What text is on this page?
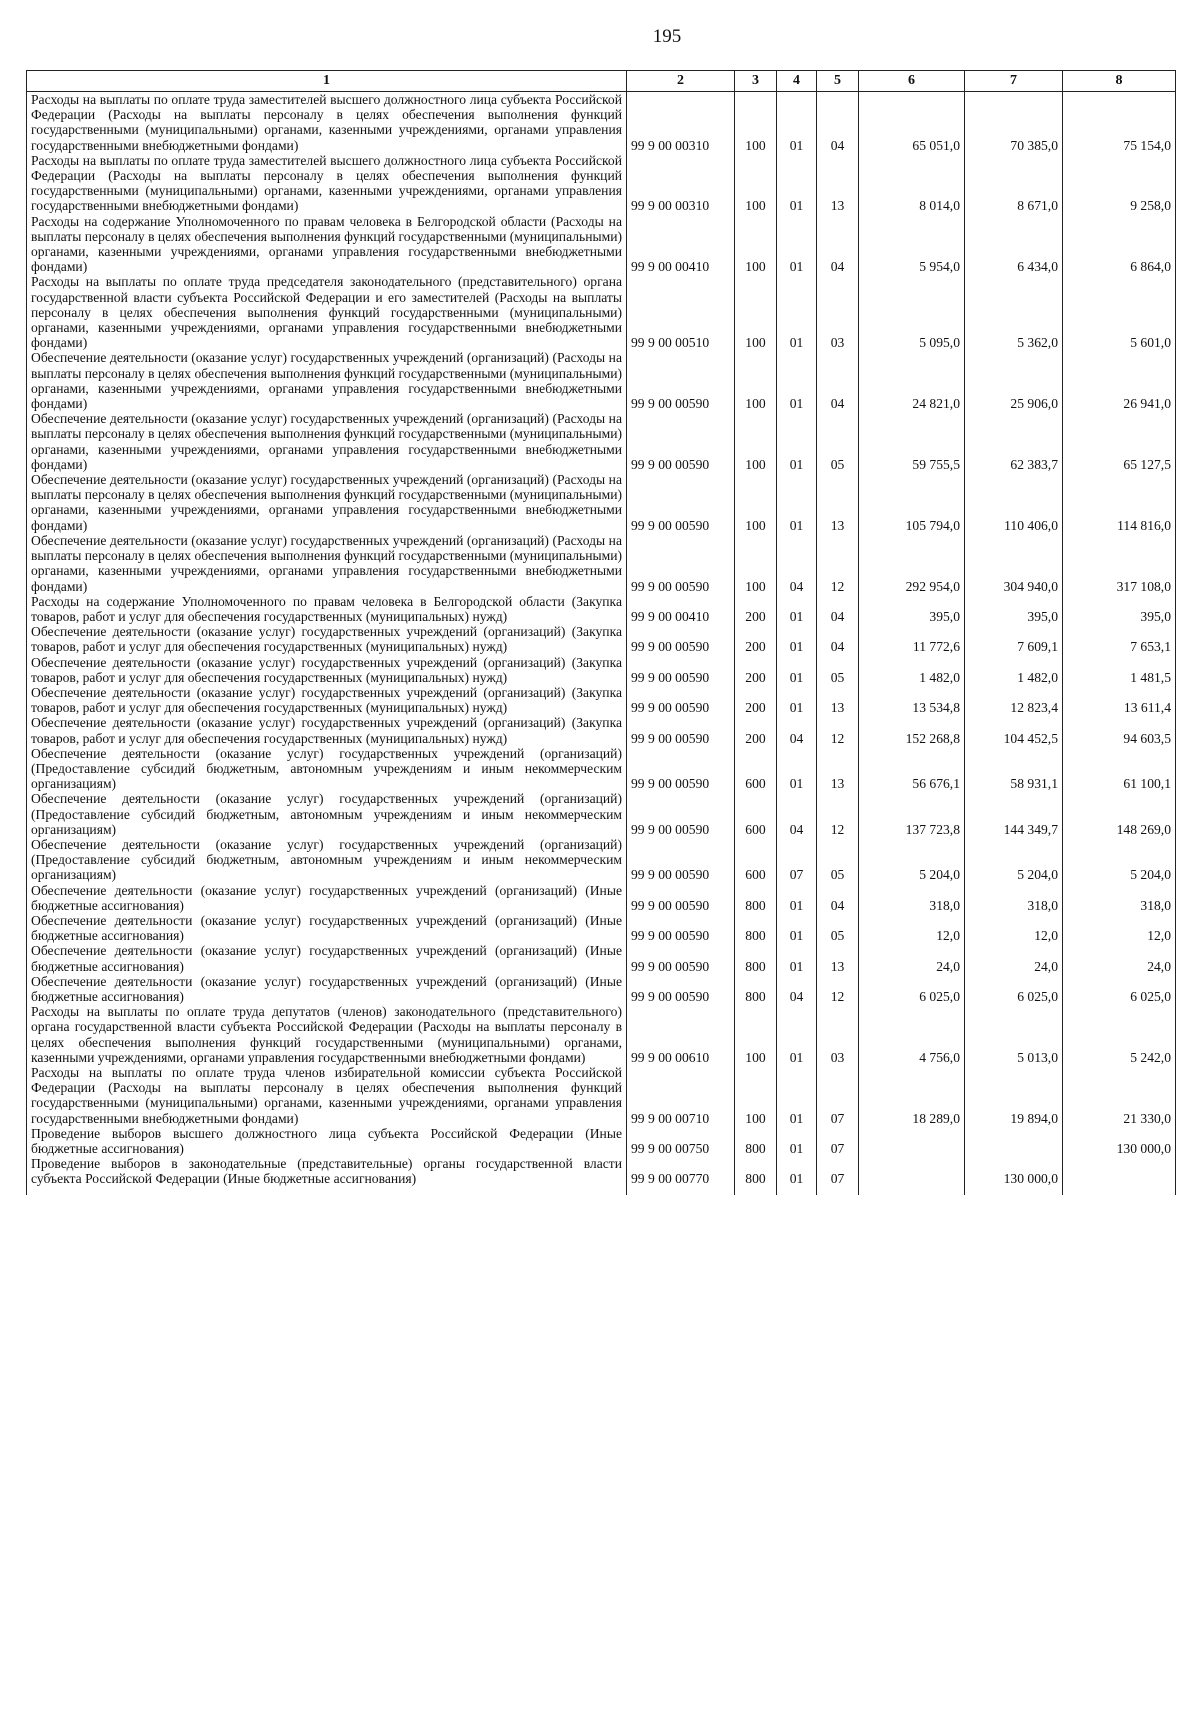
195
1	2	3	4	5	6	7	8
Расходы на выплаты по оплате труда заместителей высшего должностного лица субъекта Российской Федерации (Расходы на выплаты персоналу в целях обеспечения выполнения функций государственными (муниципальными) органами, казенными учреждениями, органами управления государственными внебюджетными фондами)	99 9 00 00310	100	01	04	65 051,0	70 385,0	75 154,0
Расходы на выплаты по оплате труда заместителей высшего должностного лица субъекта Российской Федерации (Расходы на выплаты персоналу в целях обеспечения выполнения функций государственными (муниципальными) органами, казенными учреждениями, органами управления государственными внебюджетными фондами)	99 9 00 00310	100	01	13	8 014,0	8 671,0	9 258,0
Расходы на содержание Уполномоченного по правам человека в Белгородской области (Расходы на выплаты персоналу в целях обеспечения выполнения функций государственными (муниципальными) органами, казенными учреждениями, органами управления государственными внебюджетными фондами)	99 9 00 00410	100	01	04	5 954,0	6 434,0	6 864,0
Расходы на выплаты по оплате труда председателя законодательного (представительного) органа государственной власти субъекта Российской Федерации и его заместителей (Расходы на выплаты персоналу в целях обеспечения выполнения функций государственными (муниципальными) органами, казенными учреждениями, органами управления государственными внебюджетными фондами)	99 9 00 00510	100	01	03	5 095,0	5 362,0	5 601,0
Обеспечение деятельности (оказание услуг) государственных учреждений (организаций) (Расходы на выплаты персоналу в целях обеспечения выполнения функций государственными (муниципальными) органами, казенными учреждениями, органами управления государственными внебюджетными фондами)	99 9 00 00590	100	01	04	24 821,0	25 906,0	26 941,0
Обеспечение деятельности (оказание услуг) государственных учреждений (организаций) (Расходы на выплаты персоналу в целях обеспечения выполнения функций государственными (муниципальными) органами, казенными учреждениями, органами управления государственными внебюджетными фондами)	99 9 00 00590	100	01	05	59 755,5	62 383,7	65 127,5
Обеспечение деятельности (оказание услуг) государственных учреждений (организаций) (Расходы на выплаты персоналу в целях обеспечения выполнения функций государственными (муниципальными) органами, казенными учреждениями, органами управления государственными внебюджетными фондами)	99 9 00 00590	100	01	13	105 794,0	110 406,0	114 816,0
Обеспечение деятельности (оказание услуг) государственных учреждений (организаций) (Расходы на выплаты персоналу в целях обеспечения выполнения функций государственными (муниципальными) органами, казенными учреждениями, органами управления государственными внебюджетными фондами)	99 9 00 00590	100	04	12	292 954,0	304 940,0	317 108,0
Расходы на содержание Уполномоченного по правам человека в Белгородской области (Закупка товаров, работ и услуг для обеспечения государственных (муниципальных) нужд)	99 9 00 00410	200	01	04	395,0	395,0	395,0
Обеспечение деятельности (оказание услуг) государственных учреждений (организаций) (Закупка товаров, работ и услуг для обеспечения государственных (муниципальных) нужд)	99 9 00 00590	200	01	04	11 772,6	7 609,1	7 653,1
Обеспечение деятельности (оказание услуг) государственных учреждений (организаций) (Закупка товаров, работ и услуг для обеспечения государственных (муниципальных) нужд)	99 9 00 00590	200	01	05	1 482,0	1 482,0	1 481,5
Обеспечение деятельности (оказание услуг) государственных учреждений (организаций) (Закупка товаров, работ и услуг для обеспечения государственных (муниципальных) нужд)	99 9 00 00590	200	01	13	13 534,8	12 823,4	13 611,4
Обеспечение деятельности (оказание услуг) государственных учреждений (организаций) (Закупка товаров, работ и услуг для обеспечения государственных (муниципальных) нужд)	99 9 00 00590	200	04	12	152 268,8	104 452,5	94 603,5
Обеспечение деятельности (оказание услуг) государственных учреждений (организаций) (Предоставление субсидий бюджетным, автономным учреждениям и иным некоммерческим организациям)	99 9 00 00590	600	01	13	56 676,1	58 931,1	61 100,1
Обеспечение деятельности (оказание услуг) государственных учреждений (организаций) (Предоставление субсидий бюджетным, автономным учреждениям и иным некоммерческим организациям)	99 9 00 00590	600	04	12	137 723,8	144 349,7	148 269,0
Обеспечение деятельности (оказание услуг) государственных учреждений (организаций) (Предоставление субсидий бюджетным, автономным учреждениям и иным некоммерческим организациям)	99 9 00 00590	600	07	05	5 204,0	5 204,0	5 204,0
Обеспечение деятельности (оказание услуг) государственных учреждений (организаций) (Иные бюджетные ассигнования)	99 9 00 00590	800	01	04	318,0	318,0	318,0
Обеспечение деятельности (оказание услуг) государственных учреждений (организаций) (Иные бюджетные ассигнования)	99 9 00 00590	800	01	05	12,0	12,0	12,0
Обеспечение деятельности (оказание услуг) государственных учреждений (организаций) (Иные бюджетные ассигнования)	99 9 00 00590	800	01	13	24,0	24,0	24,0
Обеспечение деятельности (оказание услуг) государственных учреждений (организаций) (Иные бюджетные ассигнования)	99 9 00 00590	800	04	12	6 025,0	6 025,0	6 025,0
Расходы на выплаты по оплате труда депутатов (членов) законодательного (представительного) органа государственной власти субъекта Российской Федерации (Расходы на выплаты персоналу в целях обеспечения выполнения функций государственными (муниципальными) органами, казенными учреждениями, органами управления государственными внебюджетными фондами)	99 9 00 00610	100	01	03	4 756,0	5 013,0	5 242,0
Расходы на выплаты по оплате труда членов избирательной комиссии субъекта Российской Федерации (Расходы на выплаты персоналу в целях обеспечения выполнения функций государственными (муниципальными) органами, казенными учреждениями, органами управления государственными внебюджетными фондами)	99 9 00 00710	100	01	07	18 289,0	19 894,0	21 330,0
Проведение выборов высшего должностного лица субъекта Российской Федерации (Иные бюджетные ассигнования)	99 9 00 00750	800	01	07			130 000,0
Проведение выборов в законодательные (представительные) органы государственной власти субъекта Российской Федерации (Иные бюджетные ассигнования)	99 9 00 00770	800	01	07		130 000,0	
